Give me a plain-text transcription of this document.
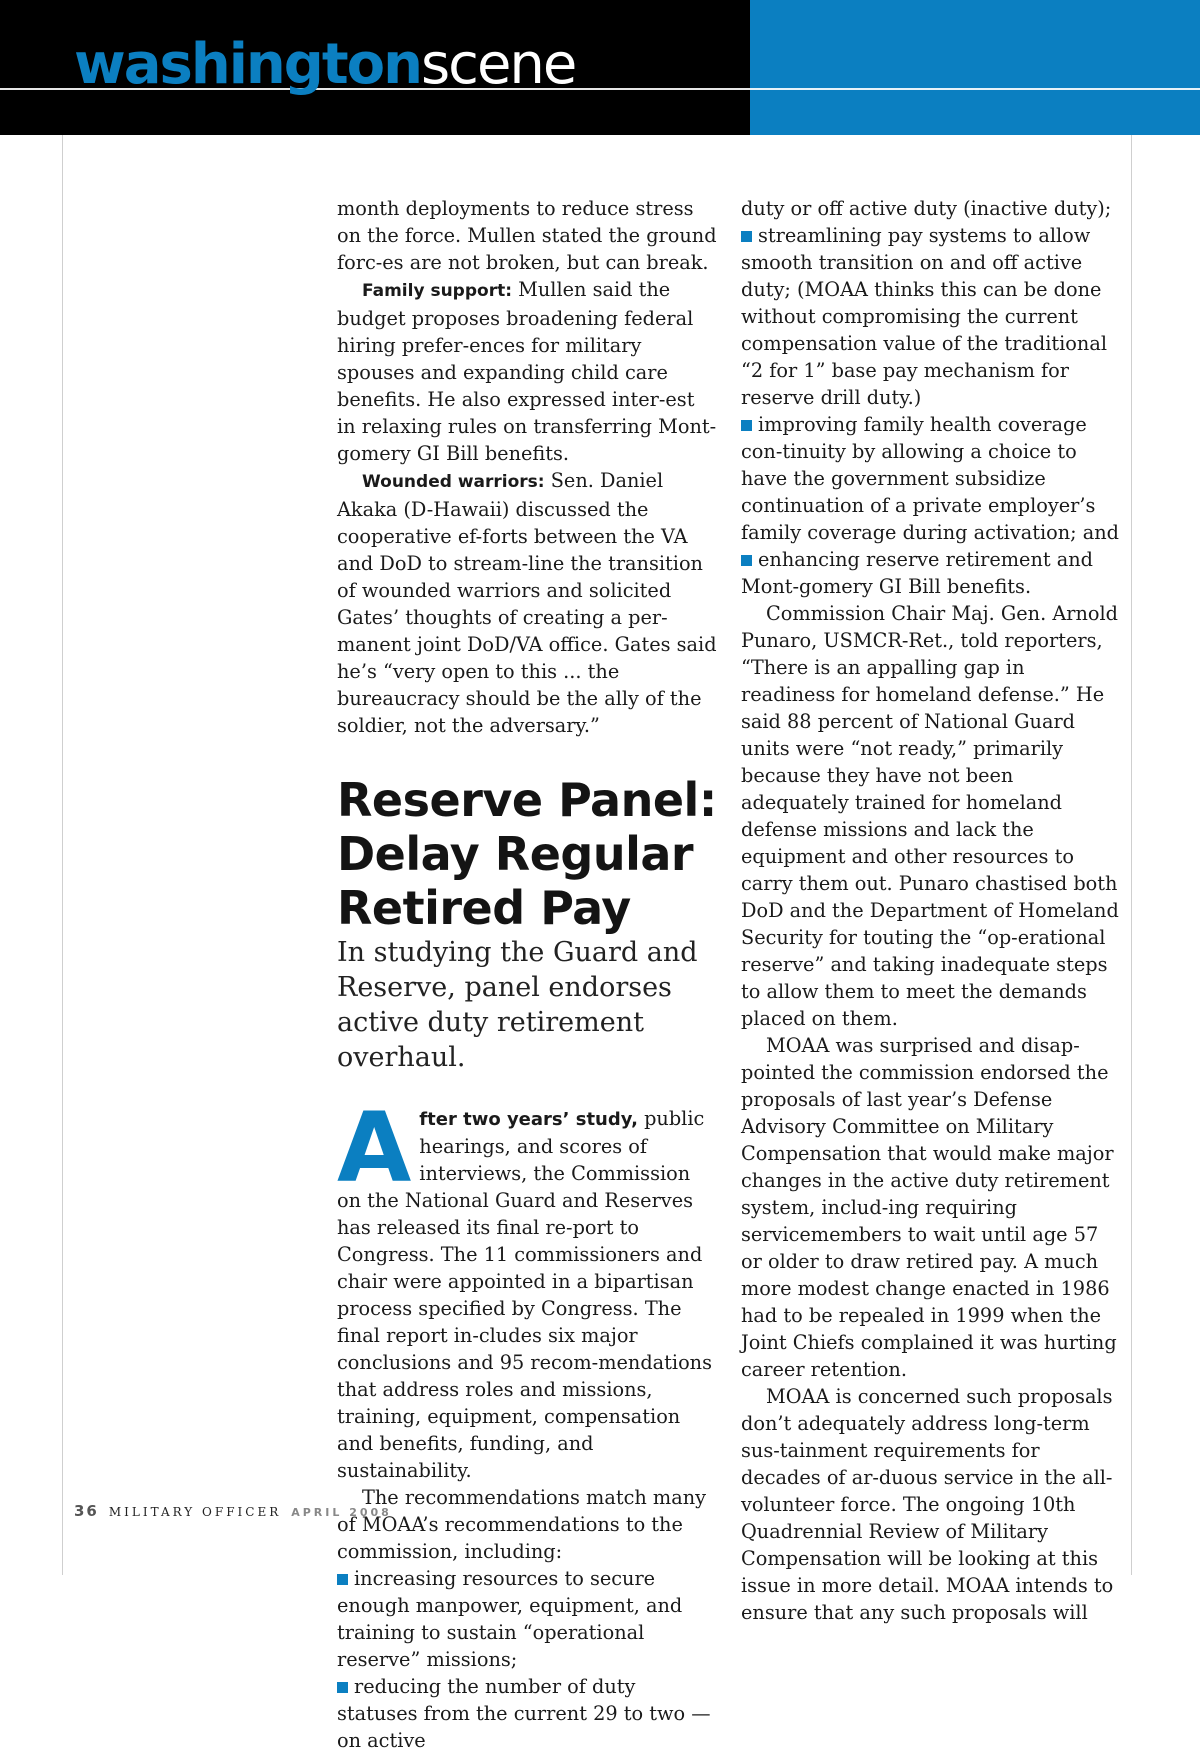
washingtonscene

month deployments to reduce stress on the force. Mullen stated the ground forc-es are not broken, but can break.

Family support: Mullen said the budget proposes broadening federal hiring prefer-ences for military spouses and expanding child care benefits. He also expressed inter-est in relaxing rules on transferring Mont-gomery GI Bill benefits.

Wounded warriors: Sen. Daniel Akaka (D-Hawaii) discussed the cooperative ef-forts between the VA and DoD to stream-line the transition of wounded warriors and solicited Gates’ thoughts of creating a per-manent joint DoD/VA office. Gates said he’s “very open to this ... the bureaucracy should be the ally of the soldier, not the adversary.”

Reserve Panel: Delay Regular Retired Pay

In studying the Guard and Reserve, panel endorses active duty retirement overhaul.

A fter two years’ study, public hearings, and scores of interviews, the Commission on the National Guard and Reserves has released its final re-port to Congress. The 11 commissioners and chair were appointed in a bipartisan process specified by Congress. The final report in-cludes six major conclusions and 95 recom-mendations that address roles and missions, training, equipment, compensation and benefits, funding, and sustainability.

The recommendations match many of MOAA’s recommendations to the commission, including:

increasing resources to secure enough manpower, equipment, and training to sustain “operational reserve” missions;

reducing the number of duty statuses from the current 29 to two — on active

duty or off active duty (inactive duty);

streamlining pay systems to allow smooth transition on and off active duty; (MOAA thinks this can be done without compromising the current compensation value of the traditional “2 for 1” base pay mechanism for reserve drill duty.)

improving family health coverage con-tinuity by allowing a choice to have the government subsidize continuation of a private employer’s family coverage during activation; and

enhancing reserve retirement and Mont-gomery GI Bill benefits.

Commission Chair Maj. Gen. Arnold Punaro, USMCR-Ret., told reporters, “There is an appalling gap in readiness for homeland defense.” He said 88 percent of National Guard units were “not ready,” primarily because they have not been adequately trained for homeland defense missions and lack the equipment and other resources to carry them out. Punaro chastised both DoD and the Department of Homeland Security for touting the “op-erational reserve” and taking inadequate steps to allow them to meet the demands placed on them.

MOAA was surprised and disap-pointed the commission endorsed the proposals of last year’s Defense Advisory Committee on Military Compensation that would make major changes in the active duty retirement system, includ-ing requiring servicemembers to wait until age 57 or older to draw retired pay. A much more modest change enacted in 1986 had to be repealed in 1999 when the Joint Chiefs complained it was hurting career retention.

MOAA is concerned such proposals don’t adequately address long-term sus-tainment requirements for decades of ar-duous service in the all-volunteer force. The ongoing 10th Quadrennial Review of Military Compensation will be looking at this issue in more detail. MOAA intends to ensure that any such proposals will

36 MILITARY OFFICER APRIL 2008
